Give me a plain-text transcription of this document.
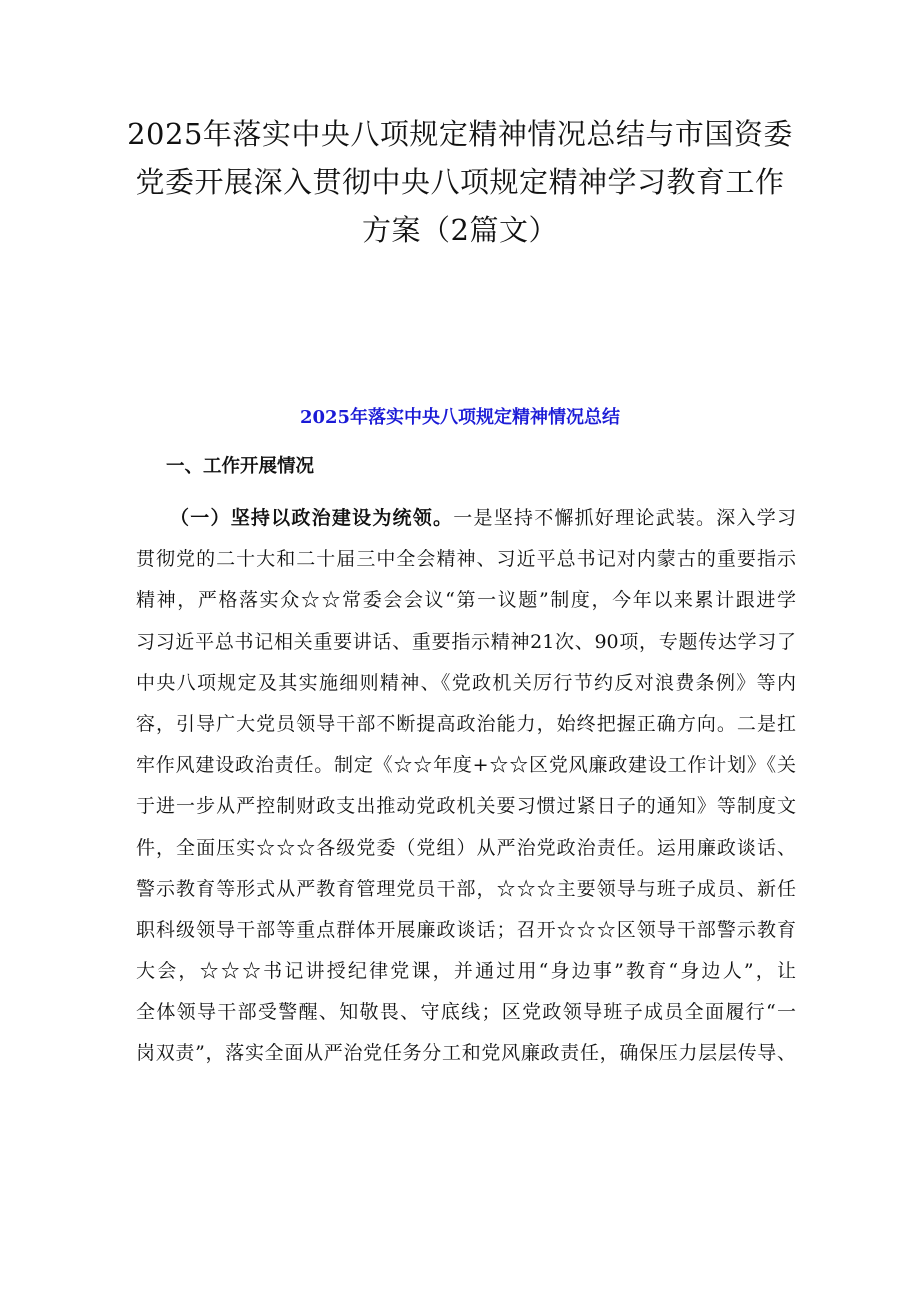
2025年落实中央八项规定精神情况总结与市国资委
党委开展深入贯彻中央八项规定精神学习教育工作
方案（2篇文）
2025年落实中央八项规定精神情况总结
一、工作开展情况
（一）坚持以政治建设为统领。一是坚持不懈抓好理论武装。深入学习
贯彻党的二十大和二十届三中全会精神、习近平总书记对内蒙古的重要指示
精神，严格落实众☆☆常委会会议“第一议题”制度，今年以来累计跟进学
习习近平总书记相关重要讲话、重要指示精神21次、90项，专题传达学习了
中央八项规定及其实施细则精神、《党政机关厉行节约反对浪费条例》等内
容，引导广大党员领导干部不断提高政治能力，始终把握正确方向。二是扛
牢作风建设政治责任。制定《☆☆年度+☆☆区党风廉政建设工作计划》《关
于进一步从严控制财政支出推动党政机关要习惯过紧日子的通知》等制度文
件，全面压实☆☆☆各级党委（党组）从严治党政治责任。运用廉政谈话、
警示教育等形式从严教育管理党员干部，☆☆☆主要领导与班子成员、新任
职科级领导干部等重点群体开展廉政谈话；召开☆☆☆区领导干部警示教育
大会，☆☆☆书记讲授纪律党课，并通过用“身边事”教育“身边人”，让
全体领导干部受警醒、知敬畏、守底线；区党政领导班子成员全面履行“一
岗双责”，落实全面从严治党任务分工和党风廉政责任，确保压力层层传导、
